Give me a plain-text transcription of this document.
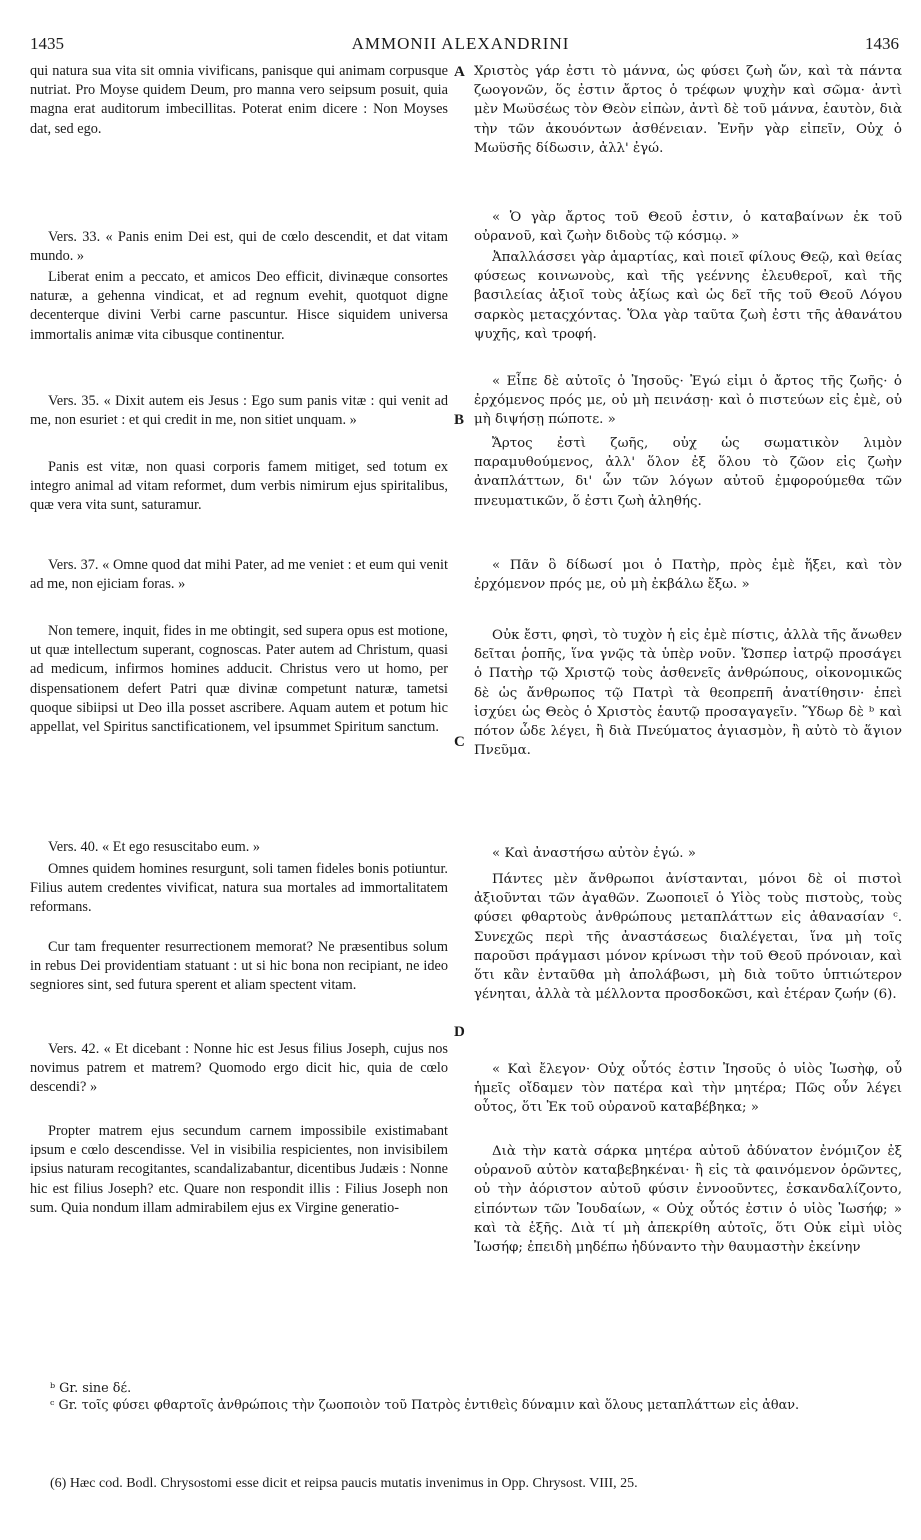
1435	AMMONII ALEXANDRINI	1436

qui natura sua vita sit omnia vivificans, panisque qui animam corpusque nutriat. Pro Moyse quidem Deum, pro manna vero seipsum posuit, quia magna erat auditorum imbecillitas. Poterat enim dicere : Non Moyses dat, sed ego.

Vers. 33. « Panis enim Dei est, qui de cœlo descendit, et dat vitam mundo. »

Liberat enim a peccato, et amicos Deo efficit, divinæque consortes naturæ, a gehenna vindicat, et ad regnum evehit, quotquot digne decenterque divini Verbi carne pascuntur. Hisce siquidem universa immortalis animæ vita cibusque continentur.

Vers. 35. « Dixit autem eis Jesus : Ego sum panis vitæ : qui venit ad me, non esuriet : et qui credit in me, non sitiet unquam. »

Panis est vitæ, non quasi corporis famem mitiget, sed totum ex integro animal ad vitam reformet, dum verbis nimirum ejus spiritalibus, quæ vera vita sunt, saturamur.

Vers. 37. « Omne quod dat mihi Pater, ad me veniet : et eum qui venit ad me, non ejiciam foras. »

Non temere, inquit, fides in me obtingit, sed supera opus est motione, ut quæ intellectum superant, cognoscas. Pater autem ad Christum, quasi ad medicum, infirmos homines adducit. Christus vero ut homo, per dispensationem defert Patri quæ divinæ competunt naturæ, tametsi quoque sibiipsi ut Deo illa posset ascribere. Aquam autem et potum hic appellat, vel Spiritus sanctificationem, vel ipsummet Spiritum sanctum.

Vers. 40. « Et ego resuscitabo eum. »

Omnes quidem homines resurgunt, soli tamen fideles bonis potiuntur. Filius autem credentes vivificat, natura sua mortales ad immortalitatem reformans.

Cur tam frequenter resurrectionem memorat? Ne præsentibus solum in rebus Dei providentiam statuant : ut si hic bona non recipiant, ne ideo segniores sint, sed futura sperent et aliam spectent vitam.

Vers. 42. « Et dicebant : Nonne hic est Jesus filius Joseph, cujus nos novimus patrem et matrem? Quomodo ergo dicit hic, quia de cœlo descendi? »

Propter matrem ejus secundum carnem impossibile existimabant ipsum e cœlo descendisse. Vel in visibilia respicientes, non invisibilem ipsius naturam recogitantes, scandalizabantur, dicentibus Judæis : Nonne hic est filius Joseph? etc. Quare non respondit illis : Filius Joseph non sum. Quia nondum illam admirabilem ejus ex Virgine generatio-

A
B
C
D

Χριστὸς γάρ ἐστι τὸ μάννα, ὡς φύσει ζωὴ ὤν, καὶ τὰ πάντα ζωογονῶν, ὅς ἐστιν ἄρτος ὁ τρέφων ψυχὴν καὶ σῶμα· ἀντὶ μὲν Μωϋσέως τὸν Θεὸν εἰπὼν, ἀντὶ δὲ τοῦ μάννα, ἑαυτὸν, διὰ τὴν τῶν ἀκουόντων ἀσθένειαν. Ἐνῆν γὰρ εἰπεῖν, Οὐχ ὁ Μωϋσῆς δίδωσιν, ἀλλ' ἐγώ.

« Ὁ γὰρ ἄρτος τοῦ Θεοῦ ἐστιν, ὁ καταβαίνων ἐκ τοῦ οὐρανοῦ, καὶ ζωὴν διδοὺς τῷ κόσμῳ. »

Ἀπαλλάσσει γὰρ ἁμαρτίας, καὶ ποιεῖ φίλους Θεῷ, καὶ θείας φύσεως κοινωνοὺς, καὶ τῆς γεέννης ἐλευθεροῖ, καὶ τῆς βασιλείας ἀξιοῖ τοὺς ἀξίως καὶ ὡς δεῖ τῆς τοῦ Θεοῦ Λόγου σαρκὸς μεταςχόντας. Ὅλα γὰρ ταῦτα ζωὴ ἐστι τῆς ἀθανάτου ψυχῆς, καὶ τροφή.

« Εἶπε δὲ αὐτοῖς ὁ Ἰησοῦς· Ἐγώ εἰμι ὁ ἄρτος τῆς ζωῆς· ὁ ἐρχόμενος πρός με, οὐ μὴ πεινάσῃ· καὶ ὁ πιστεύων εἰς ἐμὲ, οὐ μὴ διψήσῃ πώποτε. »

Ἄρτος ἐστὶ ζωῆς, οὐχ ὡς σωματικὸν λιμὸν παραμυθούμενος, ἀλλ' ὅλον ἐξ ὅλου τὸ ζῶον εἰς ζωὴν ἀναπλάττων, δι' ὧν τῶν λόγων αὐτοῦ ἐμφορούμεθα τῶν πνευματικῶν, ὅ ἐστι ζωὴ ἀληθής.

« Πᾶν ὃ δίδωσί μοι ὁ Πατὴρ, πρὸς ἐμὲ ἥξει, καὶ τὸν ἐρχόμενον πρός με, οὐ μὴ ἐκβάλω ἔξω. »

Οὐκ ἔστι, φησὶ, τὸ τυχὸν ἡ εἰς ἐμὲ πίστις, ἀλλὰ τῆς ἄνωθεν δεῖται ῥοπῆς, ἵνα γνῷς τὰ ὑπὲρ νοῦν. Ὥσπερ ἰατρῷ προσάγει ὁ Πατὴρ τῷ Χριστῷ τοὺς ἀσθενεῖς ἀνθρώπους, οἰκονομικῶς δὲ ὡς ἄνθρωπος τῷ Πατρὶ τὰ θεοπρεπῆ ἀνατίθησιν· ἐπεὶ ἰσχύει ὡς Θεὸς ὁ Χριστὸς ἑαυτῷ προσαγαγεῖν. Ὕδωρ δὲ ᵇ καὶ πότον ὧδε λέγει, ἢ διὰ Πνεύματος ἁγιασμὸν, ἢ αὐτὸ τὸ ἅγιον Πνεῦμα.

« Καὶ ἀναστήσω αὐτὸν ἐγώ. »

Πάντες μὲν ἄνθρωποι ἀνίστανται, μόνοι δὲ οἱ πιστοὶ ἀξιοῦνται τῶν ἀγαθῶν. Ζωοποιεῖ ὁ Υἱὸς τοὺς πιστοὺς, τοὺς φύσει φθαρτοὺς ἀνθρώπους μεταπλάττων εἰς ἀθανασίαν ᶜ. Συνεχῶς περὶ τῆς ἀναστάσεως διαλέγεται, ἵνα μὴ τοῖς παροῦσι πράγμασι μόνον κρίνωσι τὴν τοῦ Θεοῦ πρόνοιαν, καὶ ὅτι κἂν ἐνταῦθα μὴ ἀπολάβωσι, μὴ διὰ τοῦτο ὑπτιώτερον γένηται, ἀλλὰ τὰ μέλλοντα προσδοκῶσι, καὶ ἑτέραν ζωήν (6).

« Καὶ ἔλεγον· Οὐχ οὗτός ἐστιν Ἰησοῦς ὁ υἱὸς Ἰωσὴφ, οὗ ἡμεῖς οἴδαμεν τὸν πατέρα καὶ τὴν μητέρα; Πῶς οὖν λέγει οὗτος, ὅτι Ἐκ τοῦ οὐρανοῦ καταβέβηκα; »

Διὰ τὴν κατὰ σάρκα μητέρα αὐτοῦ ἀδύνατον ἐνόμιζον ἐξ οὐρανοῦ αὐτὸν καταβεβηκέναι· ἢ εἰς τὰ φαινόμενον ὁρῶντες, οὐ τὴν ἀόριστον αὐτοῦ φύσιν ἐννοοῦντες, ἐσκανδαλίζοντο, εἰπόντων τῶν Ἰουδαίων, « Οὐχ οὗτός ἐστιν ὁ υἱὸς Ἰωσήφ; » καὶ τὰ ἑξῆς. Διὰ τί μὴ ἀπεκρίθη αὐτοῖς, ὅτι Οὐκ εἰμὶ υἱὸς Ἰωσήφ; ἐπειδὴ μηδέπω ἠδύναντο τὴν θαυμαστὴν ἐκείνην

ᵇ Gr. sine δέ.

ᶜ Gr. τοῖς φύσει φθαρτοῖς ἀνθρώποις τὴν ζωοποιὸν τοῦ Πατρὸς ἐντιθεὶς δύναμιν καὶ ὅλους μεταπλάττων εἰς ἀθαν.

(6) Hæc cod. Bodl. Chrysostomi esse dicit et reipsa paucis mutatis invenimus in Opp. Chrysost. VIII, 25.
